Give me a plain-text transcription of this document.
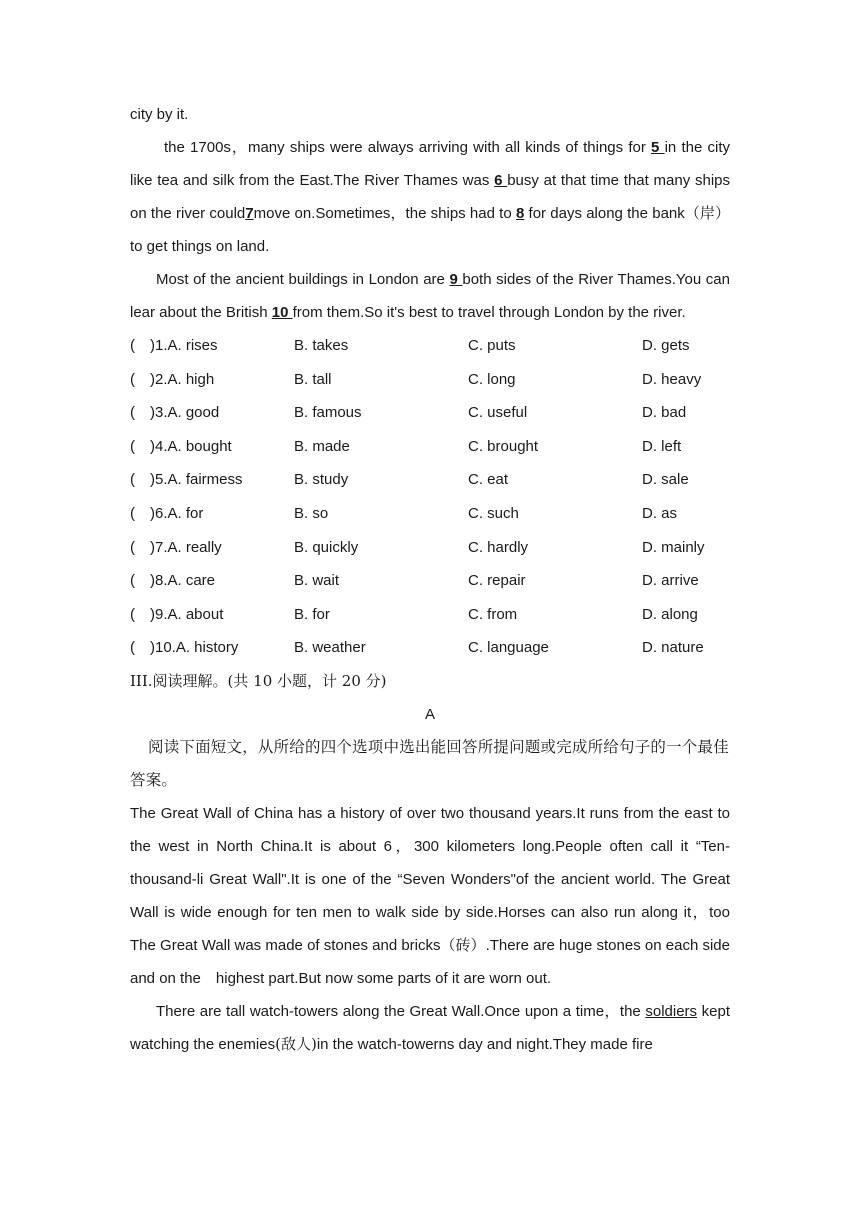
city by it.

the 1700s，many ships were always arriving with all kinds of things for 5 in the city like tea and silk from the East.The River Thames was 6 busy at that time that many ships on the river could7move on.Sometimes，the ships had to 8 for days along the bank（岸）to get things on land.

Most of the ancient buildings in London are 9 both sides of the River Thames.You can lear about the British 10 from them.So it's best to travel through London by the river.

(　)1.A. rises	B. takes	C. puts	D. gets
(　)2.A. high	B. tall	C. long	D. heavy
(　)3.A. good	B. famous	C. useful	D. bad
(　)4.A. bought	B. made	C. brought	D. left
(　)5.A. fairmess	B. study	C. eat	D. sale
(　)6.A. for	B. so	C. such	D. as
(　)7.A. really	B. quickly	C. hardly	D. mainly
(　)8.A. care	B. wait	C. repair	D. arrive
(　)9.A. about	B. for	C. from	D. along
(　)10.A. history	B. weather	C. language	D. nature

III.阅读理解。(共 10 小题，计 20 分)

A

阅读下面短文，从所给的四个选项中选出能回答所提问题或完成所给句子的一个最佳答案。

The Great Wall of China has a history of over two thousand years.It runs from the east to the west in North China.It is about 6，300 kilometers long.People often call it “Ten-thousand-li Great Wall".It is one of the “Seven Wonders"of the ancient world. The Great Wall is wide enough for ten men to walk side by side.Horses can also run along it，too The Great Wall was made of stones and bricks（砖）.There are huge stones on each side and on the　highest part.But now some parts of it are worn out.

There are tall watch-towers along the Great Wall.Once upon a time，the soldiers kept watching the enemies(敌人)in the watch-towerns day and night.They made fire
